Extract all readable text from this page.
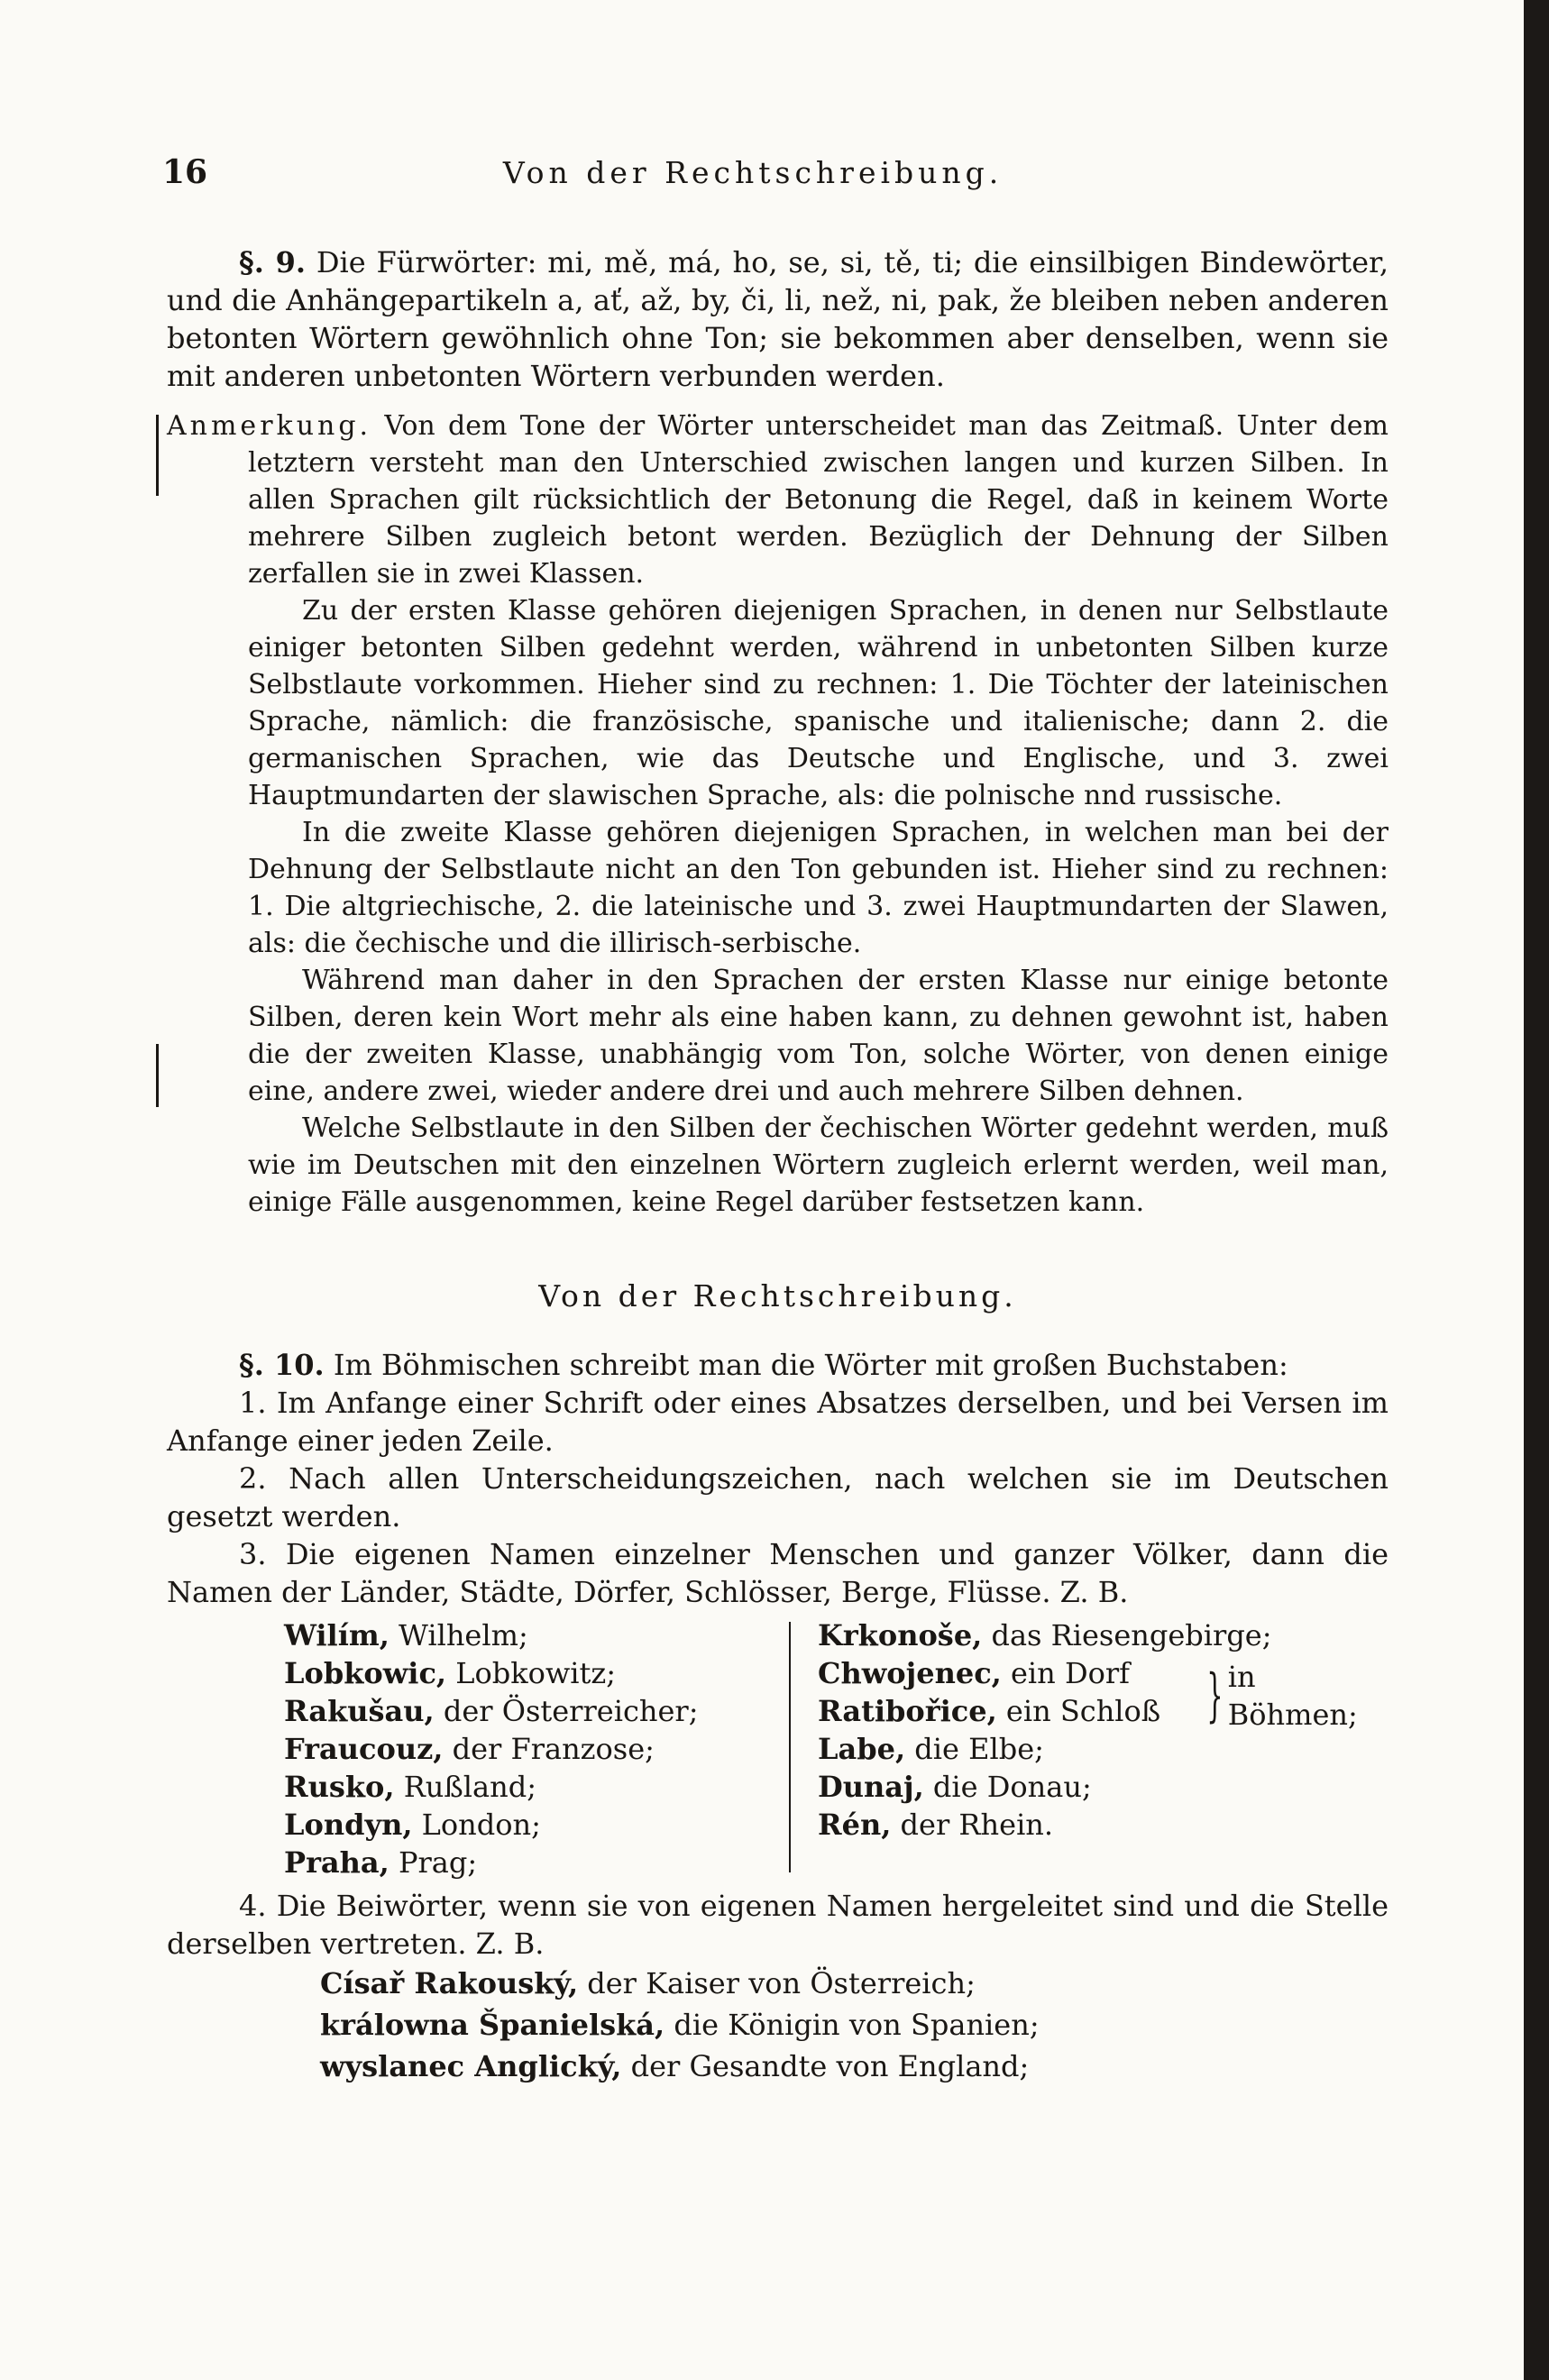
16	Von der Rechtschreibung.

§. 9. Die Fürwörter: mi, mě, má, ho, se, si, tě, ti; die einsilbigen Bindewörter, und die Anhängepartikeln a, ať, až, by, či, li, než, ni, pak, že bleiben neben anderen betonten Wörtern gewöhnlich ohne Ton; sie bekommen aber denselben, wenn sie mit anderen unbetonten Wörtern verbunden werden.

Anmerkung. Von dem Tone der Wörter unterscheidet man das Zeitmaß. Unter dem letztern versteht man den Unterschied zwischen langen und kurzen Silben. In allen Sprachen gilt rücksichtlich der Betonung die Regel, daß in keinem Worte mehrere Silben zugleich betont werden. Bezüglich der Dehnung der Silben zerfallen sie in zwei Klassen.

Zu der ersten Klasse gehören diejenigen Sprachen, in denen nur Selbstlaute einiger betonten Silben gedehnt werden, während in unbetonten Silben kurze Selbstlaute vorkommen. Hieher sind zu rechnen: 1. Die Töchter der lateinischen Sprache, nämlich: die französische, spanische und italienische; dann 2. die germanischen Sprachen, wie das Deutsche und Englische, und 3. zwei Hauptmundarten der slawischen Sprache, als: die polnische nnd russische.

In die zweite Klasse gehören diejenigen Sprachen, in welchen man bei der Dehnung der Selbstlaute nicht an den Ton gebunden ist. Hieher sind zu rechnen: 1. Die altgriechische, 2. die lateinische und 3. zwei Hauptmundarten der Slawen, als: die čechische und die illirisch-serbische.

Während man daher in den Sprachen der ersten Klasse nur einige betonte Silben, deren kein Wort mehr als eine haben kann, zu dehnen gewohnt ist, haben die der zweiten Klasse, unabhängig vom Ton, solche Wörter, von denen einige eine, andere zwei, wieder andere drei und auch mehrere Silben dehnen.

Welche Selbstlaute in den Silben der čechischen Wörter gedehnt werden, muß wie im Deutschen mit den einzelnen Wörtern zugleich erlernt werden, weil man, einige Fälle ausgenommen, keine Regel darüber festsetzen kann.

Von der Rechtschreibung.

§. 10. Im Böhmischen schreibt man die Wörter mit großen Buchstaben:

1. Im Anfange einer Schrift oder eines Absatzes derselben, und bei Versen im Anfange einer jeden Zeile.

2. Nach allen Unterscheidungszeichen, nach welchen sie im Deutschen gesetzt werden.

3. Die eigenen Namen einzelner Menschen und ganzer Völker, dann die Namen der Länder, Städte, Dörfer, Schlösser, Berge, Flüsse. Z. B.

Wilím, Wilhelm;
Lobkowic, Lobkowitz;
Rakušau, der Österreicher;
Fraucouz, der Franzose;
Rusko, Rußland;
Londyn, London;
Praha, Prag;
Krkonoše, das Riesengebirge;
Chwojenec, ein Dorf
Ratibořice, ein Schloß
Labe, die Elbe;
Dunaj, die Donau;
Rén, der Rhein.
} in Böhmen;

4. Die Beiwörter, wenn sie von eigenen Namen hergeleitet sind und die Stelle derselben vertreten. Z. B.

Císař Rakouský, der Kaiser von Österreich;
králowna Španielská, die Königin von Spanien;
wyslanec Anglický, der Gesandte von England;
